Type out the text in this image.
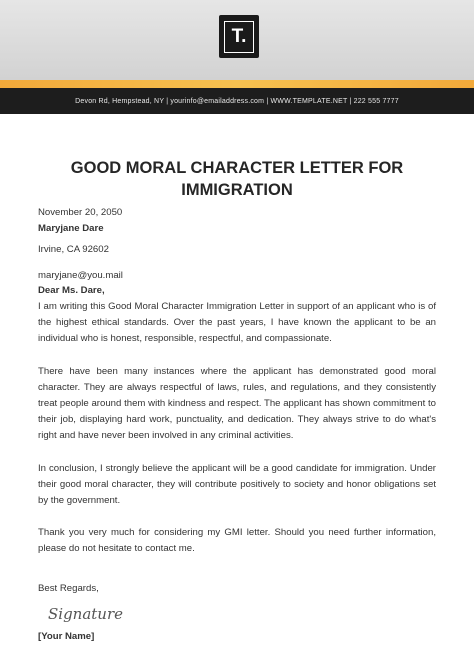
T.
Devon Rd, Hempstead, NY | yourinfo@emailaddress.com | WWW.TEMPLATE.NET | 222 555 7777
GOOD MORAL CHARACTER LETTER FOR
IMMIGRATION

November 20, 2050

Maryjane Dare

Irvine, CA 92602

maryjane@you.mail

Dear Ms. Dare,

I am writing this Good Moral Character Immigration Letter in support of an applicant who is of the highest ethical standards. Over the past years, I have known the applicant to be an individual who is honest, responsible, respectful, and compassionate.

There have been many instances where the applicant has demonstrated good moral character. They are always respectful of laws, rules, and regulations, and they consistently treat people around them with kindness and respect. The applicant has shown commitment to their job, displaying hard work, punctuality, and dedication. They always strive to do what's right and have never been involved in any criminal activities.

In conclusion, I strongly believe the applicant will be a good candidate for immigration. Under their good moral character, they will contribute positively to society and honor obligations set by the government.

Thank you very much for considering my GMI letter. Should you need further information, please do not hesitate to contact me.

Best Regards,

Signature

[Your Name]
